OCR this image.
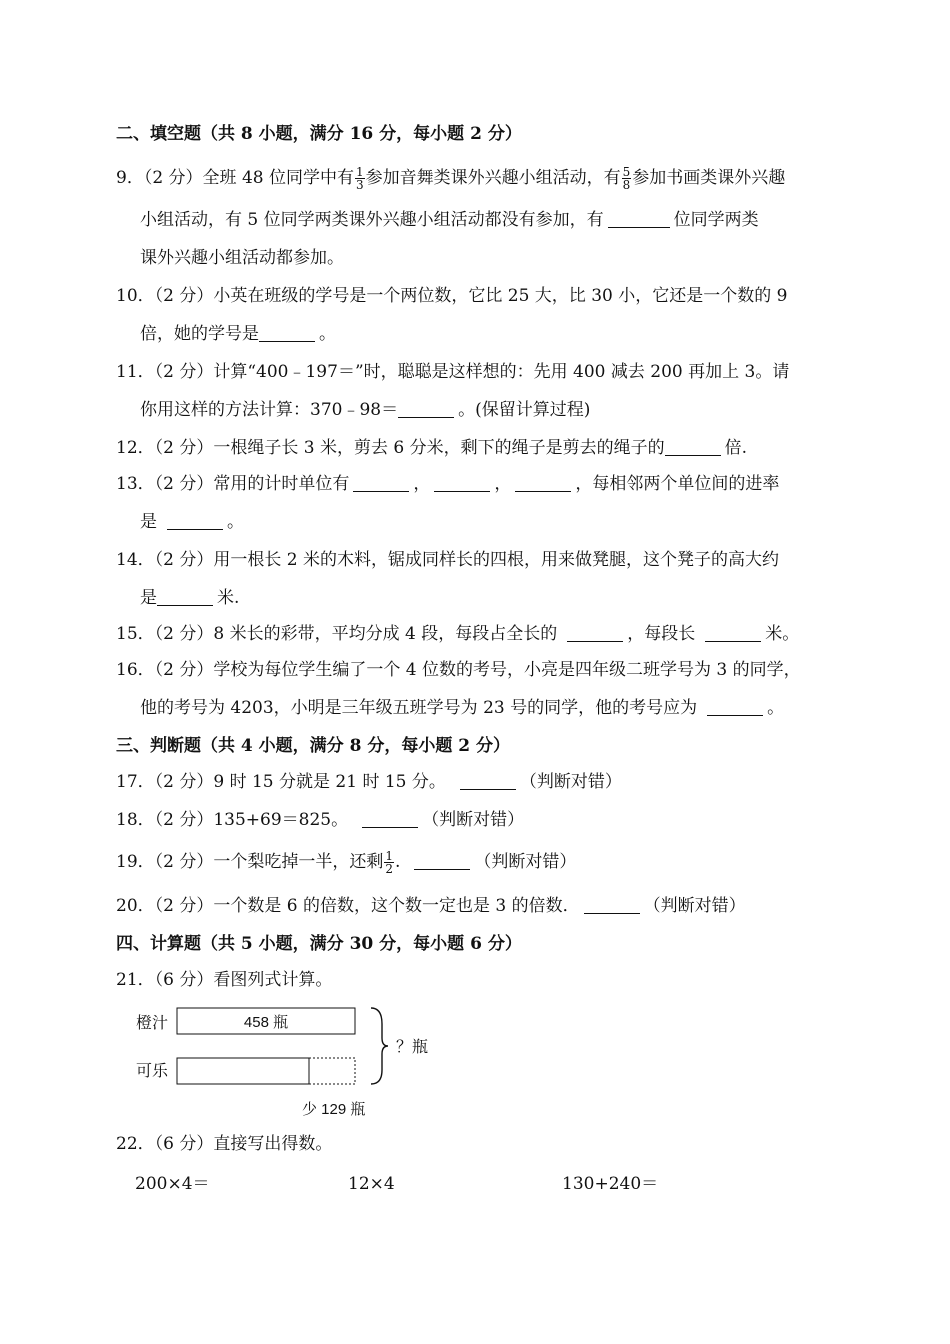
二、填空题（共 8 小题，满分 16 分，每小题 2 分）
9．（2 分）全班 48 位同学中有 $\frac{1}{3}$ 参加音舞类课外兴趣小组活动，有 $\frac{5}{8}$ 参加书画类课外兴趣
小组活动，有 5 位同学两类课外兴趣小组活动都没有参加，有	位同学两类
课外兴趣小组活动都参加。
10．（2 分）小英在班级的学号是一个两位数，它比 25 大，比 30 小，它还是一个数的 9
倍，她的学号是	。
11．（2 分）计算“400﹣197＝”时，聪聪是这样想的：先用 400 减去 200 再加上 3。请
你用这样的方法计算：370﹣98＝	。(保留计算过程)
12．（2 分）一根绳子长 3 米，剪去 6 分米，剩下的绳子是剪去的绳子的	倍.
13．（2 分）常用的计时单位有	，	，	，每相邻两个单位间的进率
是	。
14．（2 分）用一根长 2 米的木料，锯成同样长的四根，用来做凳腿，这个凳子的高大约
是	米.
15．（2 分）8 米长的彩带，平均分成 4 段，每段占全长的	，每段长	米。
16．（2 分）学校为每位学生编了一个 4 位数的考号，小亮是四年级二班学号为 3 的同学，
他的考号为 4203，小明是三年级五班学号为 23 号的同学，他的考号应为	。
三、判断题（共 4 小题，满分 8 分，每小题 2 分）
17．（2 分）9 时 15 分就是 21 时 15 分。	（判断对错）
18．（2 分）135+69＝825。	（判断对错）
19．（2 分）一个梨吃掉一半，还剩 $\frac{1}{2}$ .	（判断对错）
20．（2 分）一个数是 6 的倍数，这个数一定也是 3 的倍数．	（判断对错）
四、计算题（共 5 小题，满分 30 分，每小题 6 分）
21．（6 分）看图列式计算。
橙汁	458 瓶
可乐
？瓶
少 129 瓶
22．（6 分）直接写出得数。
200×4＝	12×4	130+240＝
